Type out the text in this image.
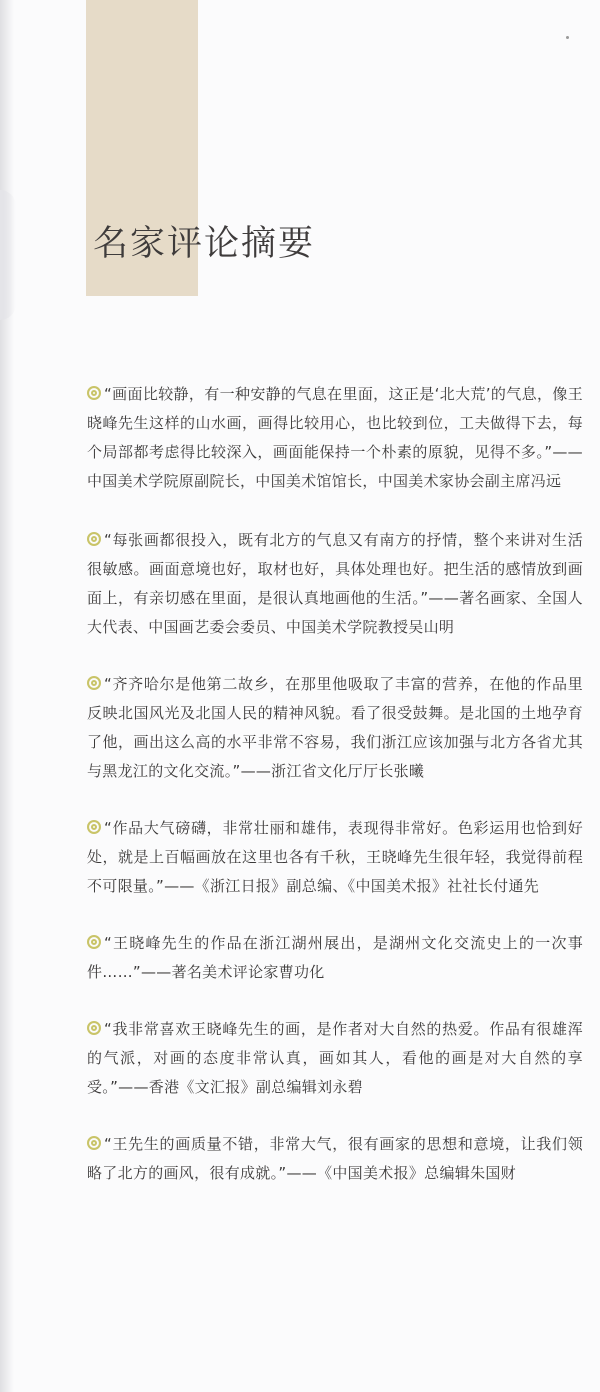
名家评论摘要

“画面比较静，有一种安静的气息在里面，这正是‘北大荒’的气息，像王晓峰先生这样的山水画，画得比较用心，也比较到位，工夫做得下去，每个局部都考虑得比较深入，画面能保持一个朴素的原貌，见得不多。”——中国美术学院原副院长，中国美术馆馆长，中国美术家协会副主席冯远

“每张画都很投入，既有北方的气息又有南方的抒情，整个来讲对生活很敏感。画面意境也好，取材也好，具体处理也好。把生活的感情放到画面上，有亲切感在里面，是很认真地画他的生活。”——著名画家、全国人大代表、中国画艺委会委员、中国美术学院教授吴山明

“齐齐哈尔是他第二故乡，在那里他吸取了丰富的营养，在他的作品里反映北国风光及北国人民的精神风貌。看了很受鼓舞。是北国的土地孕育了他，画出这么高的水平非常不容易，我们浙江应该加强与北方各省尤其与黑龙江的文化交流。”——浙江省文化厅厅长张曦

“作品大气磅礴，非常壮丽和雄伟，表现得非常好。色彩运用也恰到好处，就是上百幅画放在这里也各有千秋，王晓峰先生很年轻，我觉得前程不可限量。”——《浙江日报》副总编、《中国美术报》社社长付通先

“王晓峰先生的作品在浙江湖州展出，是湖州文化交流史上的一次事件……”——著名美术评论家曹功化

“我非常喜欢王晓峰先生的画，是作者对大自然的热爱。作品有很雄浑的气派，对画的态度非常认真，画如其人，看他的画是对大自然的享受。”——香港《文汇报》副总编辑刘永碧

“王先生的画质量不错，非常大气，很有画家的思想和意境，让我们领略了北方的画风，很有成就。”——《中国美术报》总编辑朱国财
